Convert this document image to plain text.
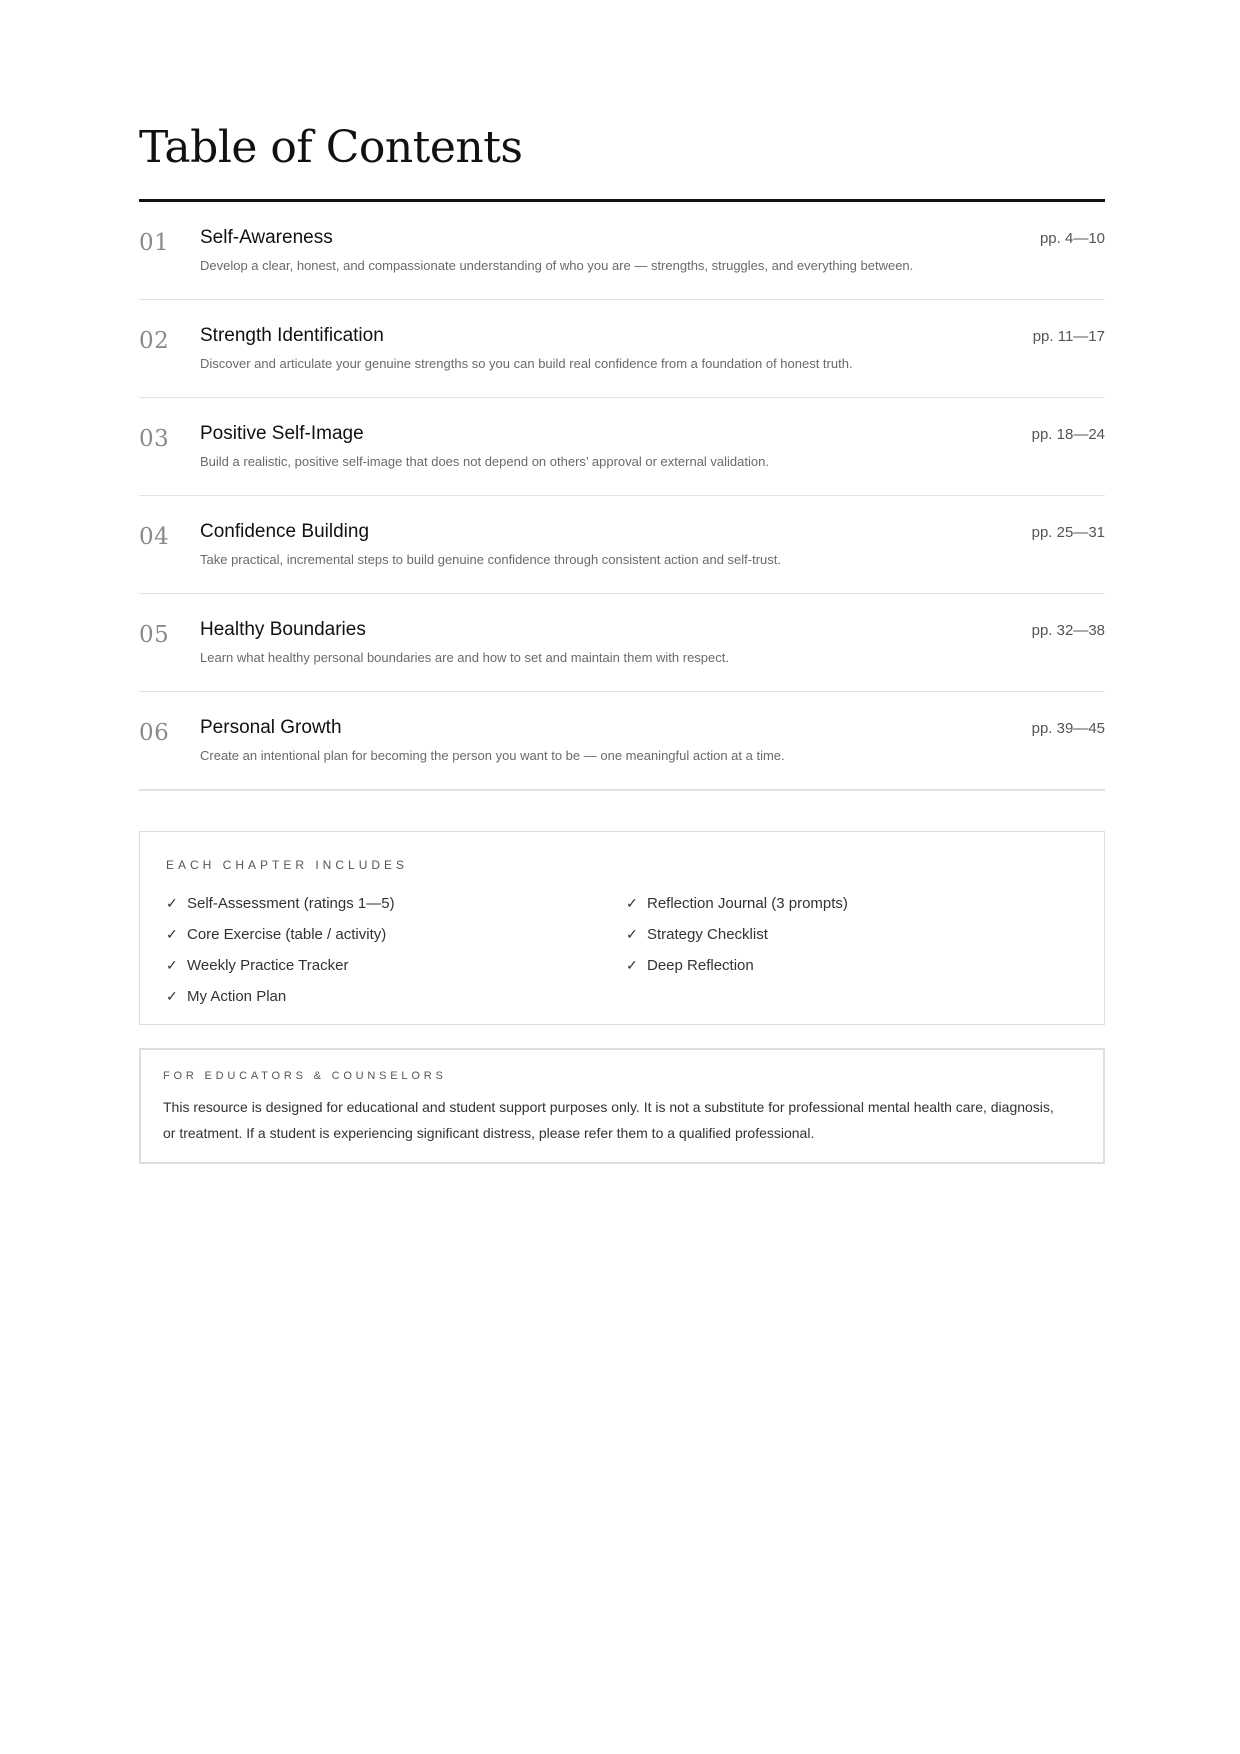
Table of Contents
01 Self-Awareness
Develop a clear, honest, and compassionate understanding of who you are — strengths, struggles, and everything between.
pp. 4—10
02 Strength Identification
Discover and articulate your genuine strengths so you can build real confidence from a foundation of honest truth.
pp. 11—17
03 Positive Self-Image
Build a realistic, positive self-image that does not depend on others’ approval or external validation.
pp. 18—24
04 Confidence Building
Take practical, incremental steps to build genuine confidence through consistent action and self-trust.
pp. 25—31
05 Healthy Boundaries
Learn what healthy personal boundaries are and how to set and maintain them with respect.
pp. 32—38
06 Personal Growth
Create an intentional plan for becoming the person you want to be — one meaningful action at a time.
pp. 39—45
EACH CHAPTER INCLUDES
✓ Self-Assessment (ratings 1—5)
✓ Core Exercise (table / activity)
✓ Weekly Practice Tracker
✓ My Action Plan
✓ Reflection Journal (3 prompts)
✓ Strategy Checklist
✓ Deep Reflection
FOR EDUCATORS & COUNSELORS

This resource is designed for educational and student support purposes only. It is not a substitute for professional mental health care, diagnosis, or treatment. If a student is experiencing significant distress, please refer them to a qualified professional.
